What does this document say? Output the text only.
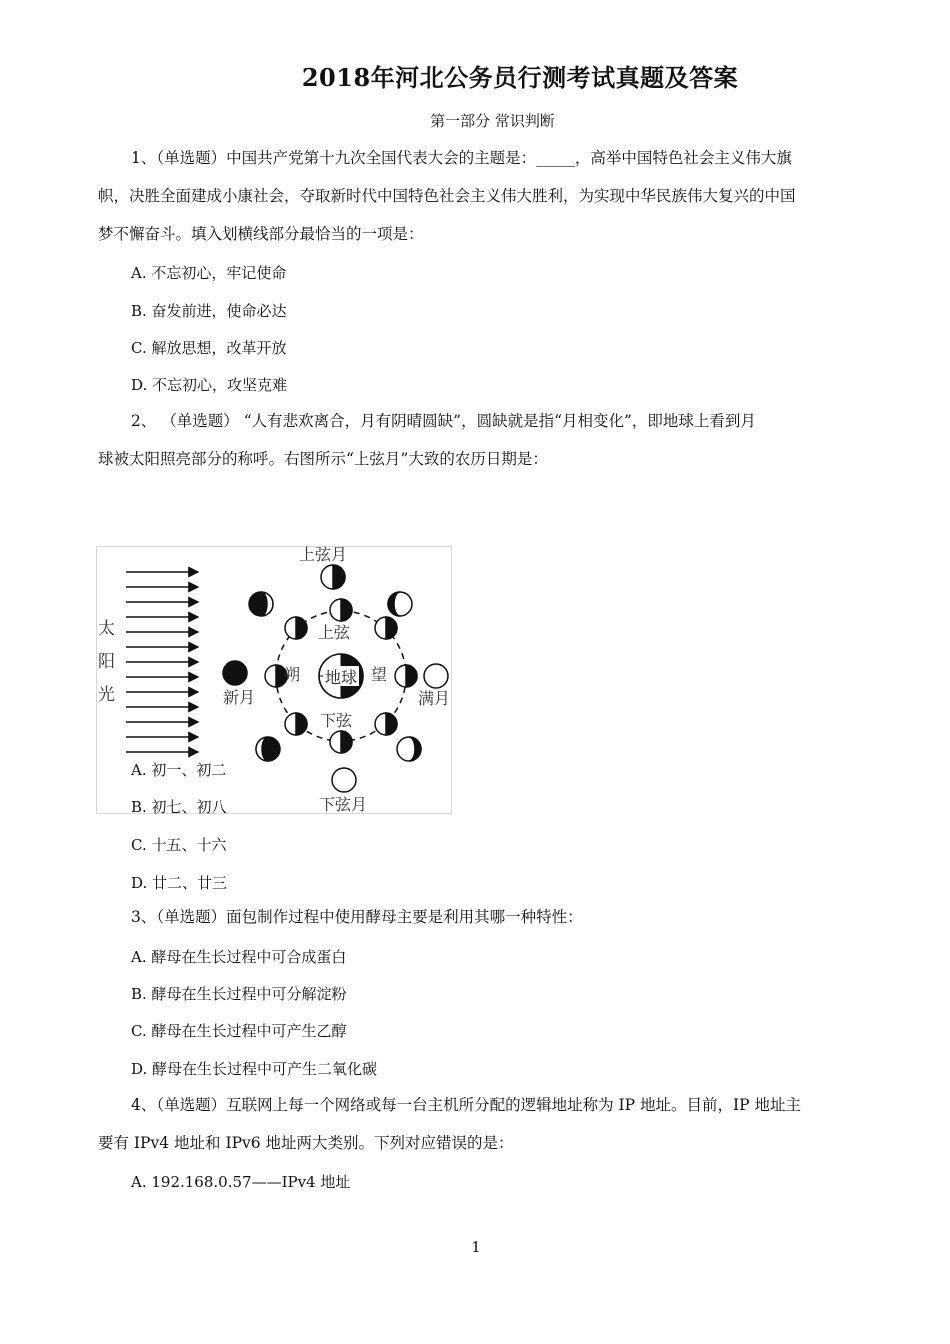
2018年河北公务员行测考试真题及答案
第一部分 常识判断
1、（单选题）中国共产党第十九次全国代表大会的主题是：_____，高举中国特色社会主义伟大旗
帜，决胜全面建成小康社会，夺取新时代中国特色社会主义伟大胜利，为实现中华民族伟大复兴的中国
梦不懈奋斗。填入划横线部分最恰当的一项是：
A. 不忘初心，牢记使命
B. 奋发前进，使命必达
C. 解放思想，改革开放
D. 不忘初心，攻坚克难
2、 （单选题） “人有悲欢离合，月有阴晴圆缺”，圆缺就是指“月相变化”，即地球上看到月
球被太阳照亮部分的称呼。右图所示“上弦月”大致的农历日期是：
太
阳
光
地球
上弦月
上弦
朔
新月
望
满月
下弦
下弦月
A. 初一、初二
B. 初七、初八
C. 十五、十六
D. 廿二、廿三
3、（单选题）面包制作过程中使用酵母主要是利用其哪一种特性：
A. 酵母在生长过程中可合成蛋白
B. 酵母在生长过程中可分解淀粉
C. 酵母在生长过程中可产生乙醇
D. 酵母在生长过程中可产生二氧化碳
4、（单选题）互联网上每一个网络或每一台主机所分配的逻辑地址称为 IP 地址。目前，IP 地址主
要有 IPv4 地址和 IPv6 地址两大类别。下列对应错误的是：
A. 192.168.0.57——IPv4 地址
1
